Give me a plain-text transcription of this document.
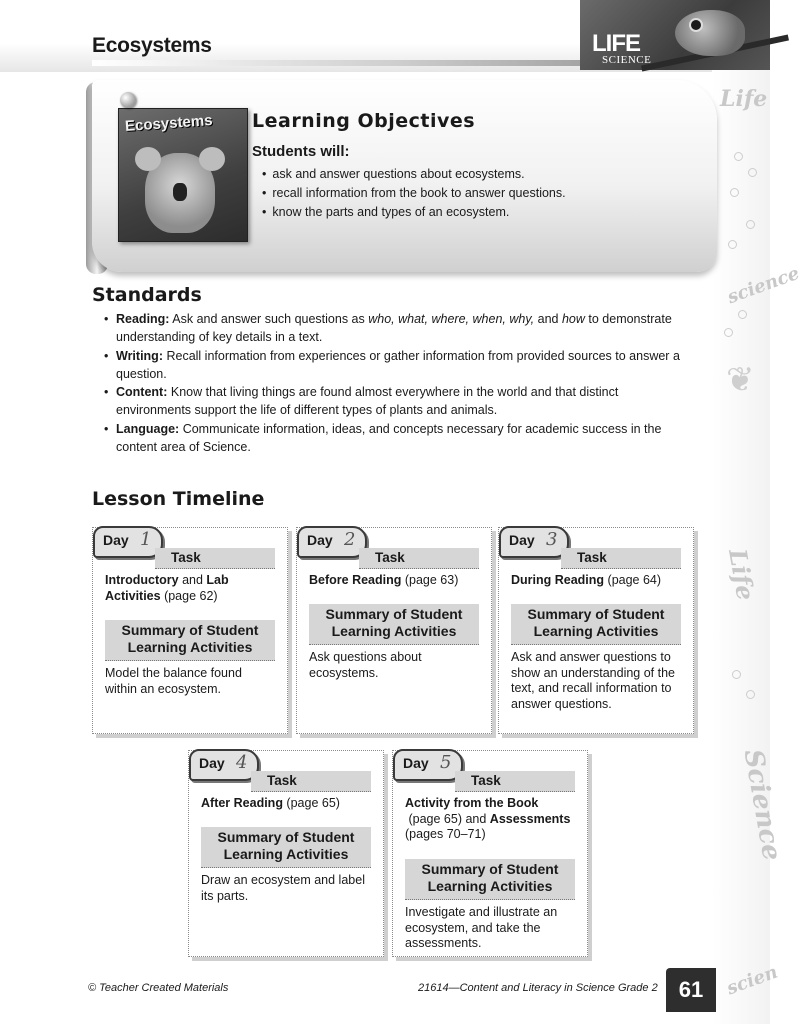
Ecosystems	LIFE
SCIENCE
Life
science
❦
Life
Science
scien
Ecosystems Learning Objectives
Students will:
• ask and answer questions about ecosystems.
• recall information from the book to answer questions.
• know the parts and types of an ecosystem.
Standards
• Reading: Ask and answer such questions as who, what, where, when, why, and how to demonstrate understanding of key details in a text.
• Writing: Recall information from experiences or gather information from provided sources to answer a question.
• Content: Know that living things are found almost everywhere in the world and that distinct environments support the life of different types of plants and animals.
• Language: Communicate information, ideas, and concepts necessary for academic success in the content area of Science.
Lesson Timeline
Day 1
Task
Introductory and Lab Activities (page 62)
Summary of Student
Learning Activities
Model the balance found within an ecosystem.
Day 2
Task
Before Reading (page 63)
Summary of Student
Learning Activities
Ask questions about ecosystems.
Day 3
Task
During Reading (page 64)
Summary of Student
Learning Activities
Ask and answer questions to show an understanding of the text, and recall information to answer questions.
Day 4
Task
After Reading (page 65)
Summary of Student
Learning Activities
Draw an ecosystem and label its parts.
Day 5
Task
Activity from the Book (page 65) and Assessments (pages 70–71)
Summary of Student
Learning Activities
Investigate and illustrate an ecosystem, and take the assessments.
© Teacher Created Materials	21614—Content and Literacy in Science Grade 2 61
